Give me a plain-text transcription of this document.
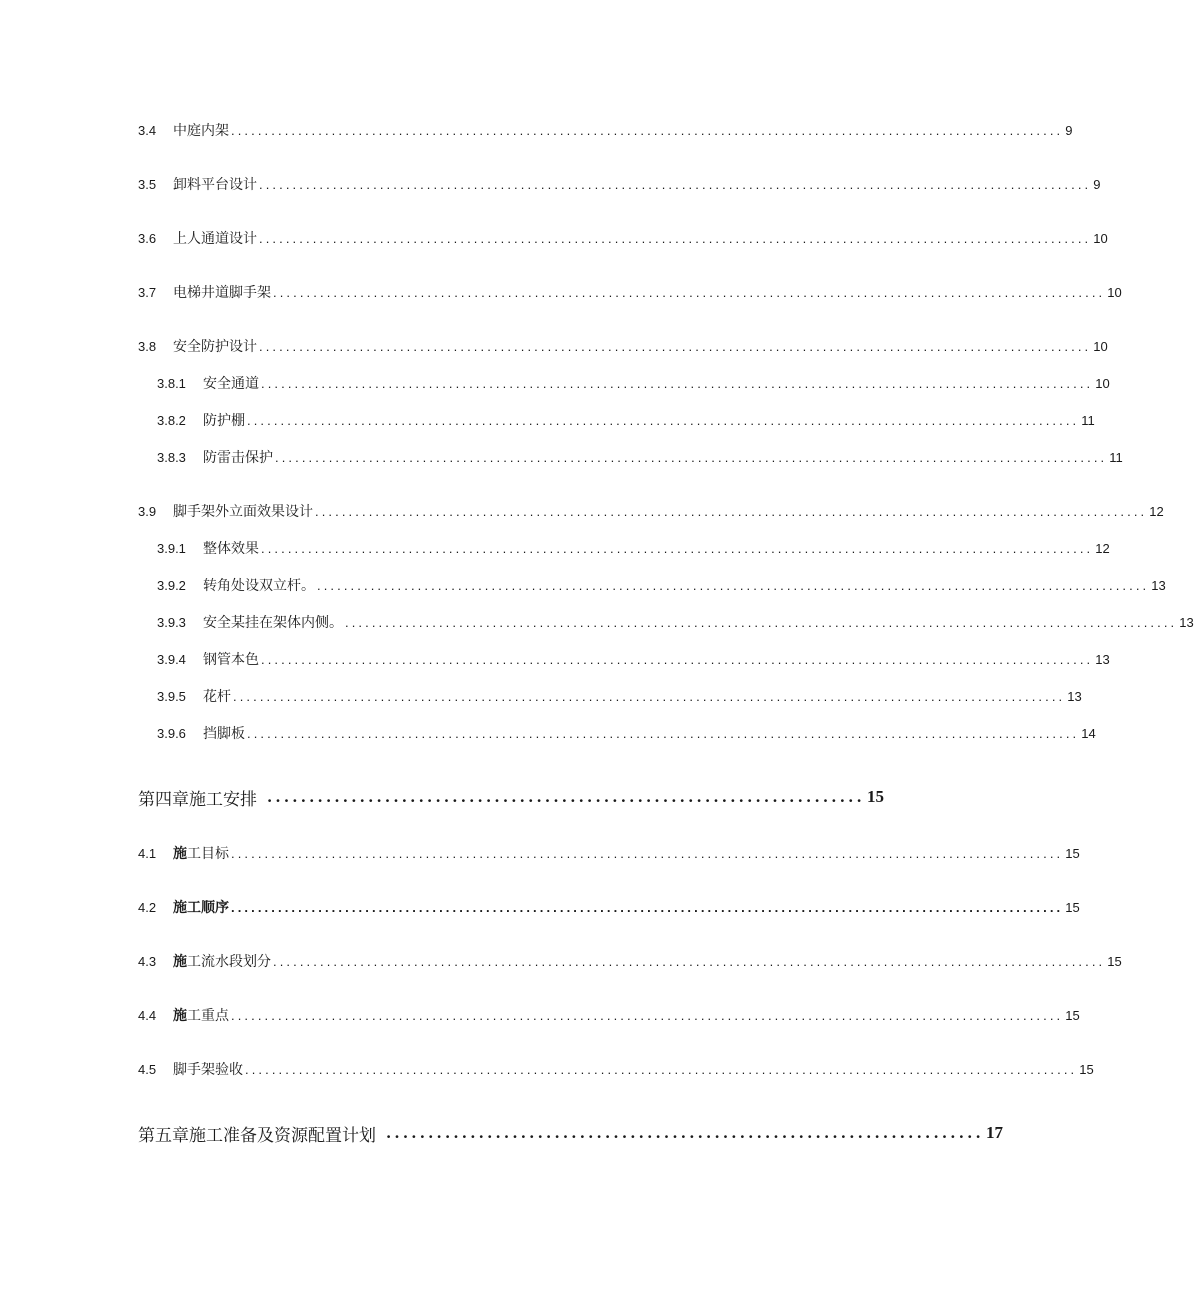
3.4	中庭内架 ............................................................................................................................ 9
3.5	卸料平台设计 ............................................................................................................................ 9
3.6	上人通道设计 ............................................................................................................................ 10
3.7	电梯井道脚手架 ............................................................................................................................ 10
3.8	安全防护设计 ............................................................................................................................ 10
3.8.1	安全通道 ............................................................................................................................ 10
3.8.2	防护棚 ............................................................................................................................ 11
3.8.3	防雷击保护 ............................................................................................................................ 11
3.9	脚手架外立面效果设计 ............................................................................................................................ 12
3.9.1	整体效果 ............................................................................................................................ 12
3.9.2	转角处设双立杆。 ............................................................................................................................ 13
3.9.3	安全某挂在架体内侧。 ............................................................................................................................ 13
3.9.4	钢管本色 ............................................................................................................................ 13
3.9.5	花杆 ............................................................................................................................ 13
3.9.6	挡脚板 ............................................................................................................................ 14
第四章施工安排 ....................................................................... 15
4.1	施工目标 ............................................................................................................................ 15
4.2	施工顺序 ............................................................................................................................ 15
4.3	施工流水段划分 ............................................................................................................................ 15
4.4	施工重点 ............................................................................................................................ 15
4.5	脚手架验收 ............................................................................................................................ 15
第五章施工准备及资源配置计划 ....................................................................... 17
